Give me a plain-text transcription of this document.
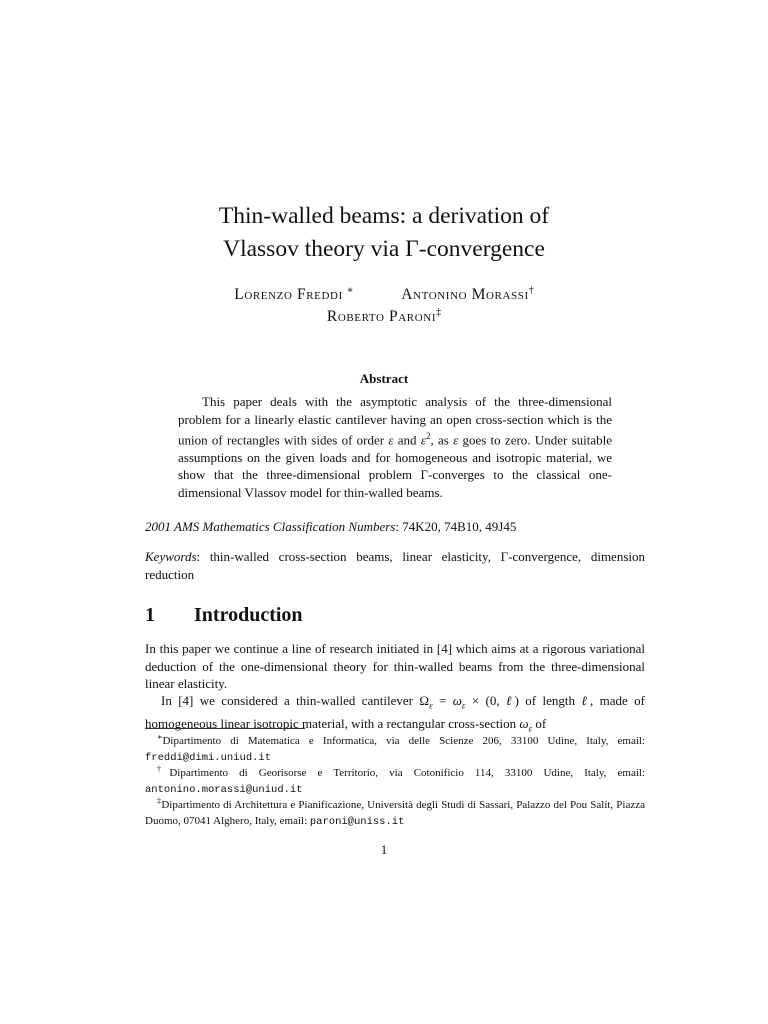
Thin-walled beams: a derivation of
Vlassov theory via Γ-convergence
Lorenzo Freddi ∗	Antonino Morassi†
Roberto Paroni‡
Abstract
This paper deals with the asymptotic analysis of the three-dimensional problem for a linearly elastic cantilever having an open cross-section which is the union of rectangles with sides of order ε and $\varepsilon^2$, as ε goes to zero. Under suitable assumptions on the given loads and for homogeneous and isotropic material, we show that the three-dimensional problem Γ-converges to the classical one-dimensional Vlassov model for thin-walled beams.
2001 AMS Mathematics Classification Numbers: 74K20, 74B10, 49J45
Keywords: thin-walled cross-section beams, linear elasticity, Γ-convergence, dimension reduction
1 Introduction
In this paper we continue a line of research initiated in [4] which aims at a rigorous variational deduction of the one-dimensional theory for thin-walled beams from the three-dimensional linear elasticity.
In [4] we considered a thin-walled cantilever $\Omega_\varepsilon = \omega_\varepsilon \times (0$, ℓ) of length ℓ, made of homogeneous linear isotropic material, with a rectangular cross-section $\omega_\varepsilon$ of
∗Dipartimento di Matematica e Informatica, via delle Scienze 206, 33100 Udine, Italy, email: freddi@dimi.uniud.it
†Dipartimento di Georisorse e Territorio, via Cotonificio 114, 33100 Udine, Italy, email: antonino.morassi@uniud.it
‡Dipartimento di Architettura e Pianificazione, Università degli Studi di Sassari, Palazzo del Pou Salit, Piazza Duomo, 07041 Alghero, Italy, email: paroni@uniss.it
1
